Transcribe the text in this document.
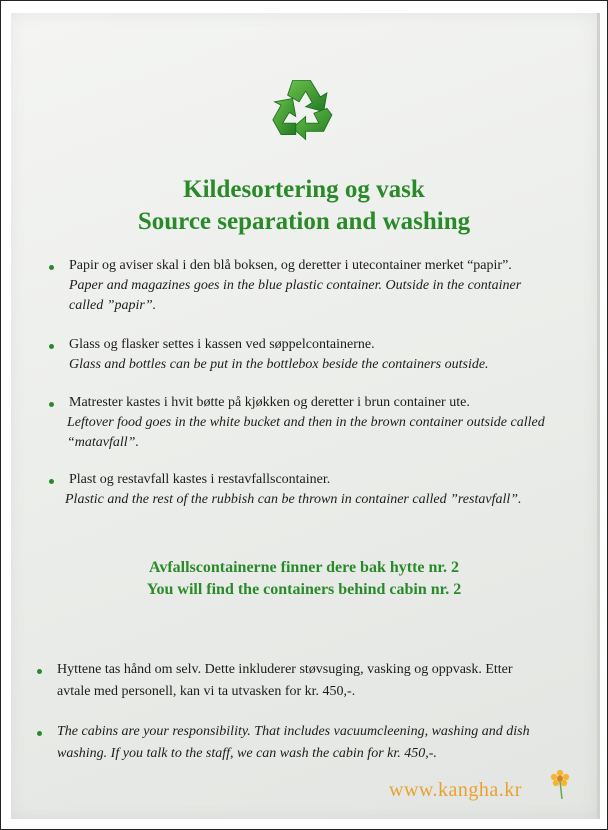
Kildesortering og vask
Source separation and washing
Papir og aviser skal i den blå boksen, og deretter i utecontainer merket “papir”.
Paper and magazines goes in the blue plastic container. Outside in the container
called ”papir”.
Glass og flasker settes i kassen ved søppelcontainerne.
Glass and bottles can be put in the bottlebox beside the containers outside.
Matrester kastes i hvit bøtte på kjøkken og deretter i brun container ute.
Leftover food goes in the white bucket and then in the brown container outside called
“matavfall”.
Plast og restavfall kastes i restavfallscontainer.
Plastic and the rest of the rubbish can be thrown in container called ”restavfall”.
Avfallscontainerne finner dere bak hytte nr. 2
You will find the containers behind cabin nr. 2
Hyttene tas hånd om selv. Dette inkluderer støvsuging, vasking og oppvask. Etter
avtale med personell, kan vi ta utvasken for kr. 450,-.
The cabins are your responsibility. That includes vacuumcleening, washing and dish
washing. If you talk to the staff, we can wash the cabin for kr. 450,-.
www.kangha.kr
